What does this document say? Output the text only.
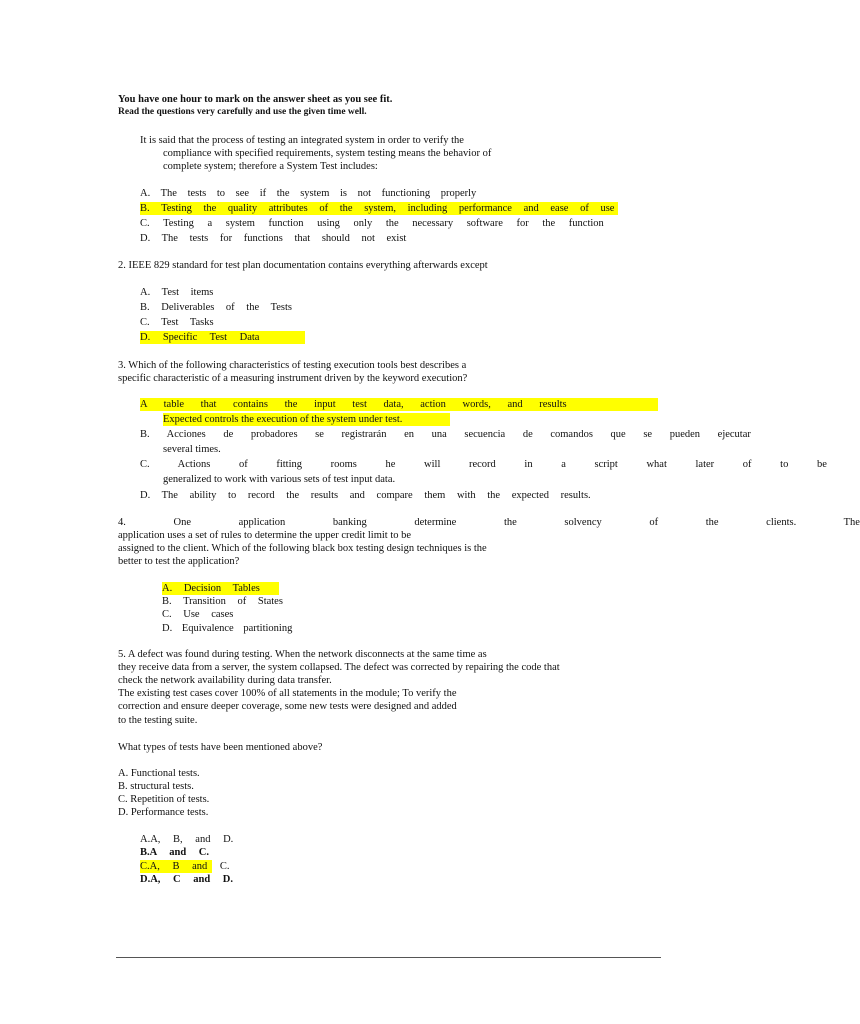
You have one hour to mark on the answer sheet as you see fit.
Read the questions very carefully and use the given time well.
It is said that the process of testing an integrated system in order to verify the
compliance with specified requirements, system testing means the behavior of
complete system; therefore a System Test includes:
A. The tests to see if the system is not functioning properly
B. Testing the quality attributes of the system, including performance and ease of use
C. Testing a system function using only the necessary software for the function
D. The tests for functions that should not exist
2. IEEE 829 standard for test plan documentation contains everything afterwards except
A. Test items
B. Deliverables of the Tests
C. Test Tasks
D. Specific Test Data
3. Which of the following characteristics of testing execution tools best describes a
specific characteristic of a measuring instrument driven by the keyword execution?
A table that contains the input test data, action words, and results
Expected controls the execution of the system under test.
B. Acciones de probadores se registrarán en una secuencia de comandos que se pueden ejecutar
several times.
C. Actions of fitting rooms he will record in a script what later of to be
generalized to work with various sets of test input data.
D. The ability to record the results and compare them with the expected results.
4. One application banking determine the solvency of the clients. The
application uses a set of rules to determine the upper credit limit to be
assigned to the client. Which of the following black box testing design techniques is the
better to test the application?
A. Decision Tables
B. Transition of States
C. Use cases
D. Equivalence partitioning
5. A defect was found during testing. When the network disconnects at the same time as
they receive data from a server, the system collapsed. The defect was corrected by repairing the code that
check the network availability during data transfer.
The existing test cases cover 100% of all statements in the module; To verify the
correction and ensure deeper coverage, some new tests were designed and added
to the testing suite.
What types of tests have been mentioned above?
A. Functional tests.
B. structural tests.
C. Repetition of tests.
D. Performance tests.
A.A, B, and D.
B.A and C.
C.A, B and C.
D.A, C and D.
